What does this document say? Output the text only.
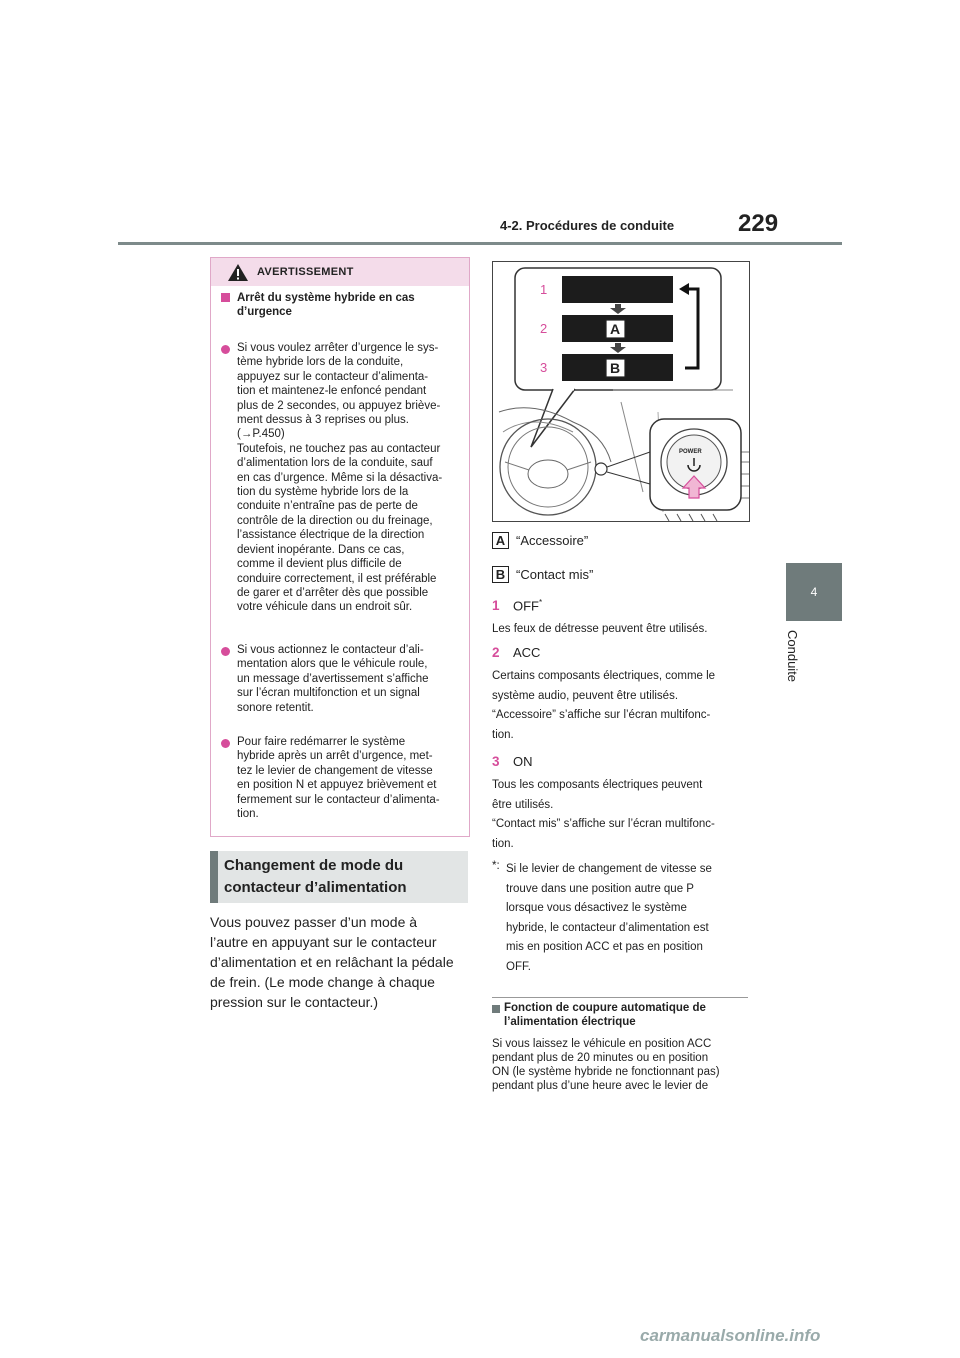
4-2. Procédures de conduite	229
4
Conduite
AVERTISSEMENT
Arrêt du système hybride en cas d’urgence
Si vous voulez arrêter d’urgence le sys-
tème hybride lors de la conduite,
appuyez sur le contacteur d’alimenta-
tion et maintenez-le enfoncé pendant
plus de 2 secondes, ou appuyez briève-
ment dessus à 3 reprises ou plus.
(→P.450)
Toutefois, ne touchez pas au contacteur
d’alimentation lors de la conduite, sauf
en cas d’urgence. Même si la désactiva-
tion du système hybride lors de la
conduite n’entraîne pas de perte de
contrôle de la direction ou du freinage,
l’assistance électrique de la direction
devient inopérante. Dans ce cas,
comme il devient plus difficile de
conduire correctement, il est préférable
de garer et d’arrêter dès que possible
votre véhicule dans un endroit sûr.
Si vous actionnez le contacteur d’ali-
mentation alors que le véhicule roule,
un message d’avertissement s’affiche
sur l’écran multifonction et un signal
sonore retentit.
Pour faire redémarrer le système
hybride après un arrêt d’urgence, met-
tez le levier de changement de vitesse
en position N et appuyez brièvement et
fermement sur le contacteur d’alimenta-
tion.
Changement de mode du
contacteur d’alimentation
Vous pouvez passer d’un mode à
l’autre en appuyant sur le contacteur
d’alimentation et en relâchant la pédale
de frein. (Le mode change à chaque
pression sur le contacteur.)
1
2
3
A
B
POWER
A “Accessoire”
B “Contact mis”
1 OFF*
Les feux de détresse peuvent être utilisés.
2 ACC
Certains composants électriques, comme le
système audio, peuvent être utilisés.
“Accessoire” s’affiche sur l’écran multifonc-
tion.
3 ON
Tous les composants électriques peuvent
être utilisés.
“Contact mis” s’affiche sur l’écran multifonc-
tion.
*: Si le levier de changement de vitesse se
trouve dans une position autre que P
lorsque vous désactivez le système
hybride, le contacteur d’alimentation est
mis en position ACC et pas en position
OFF.
Fonction de coupure automatique de
l’alimentation électrique
Si vous laissez le véhicule en position ACC
pendant plus de 20 minutes ou en position
ON (le système hybride ne fonctionnant pas)
pendant plus d’une heure avec le levier de
carmanualsonline.info
